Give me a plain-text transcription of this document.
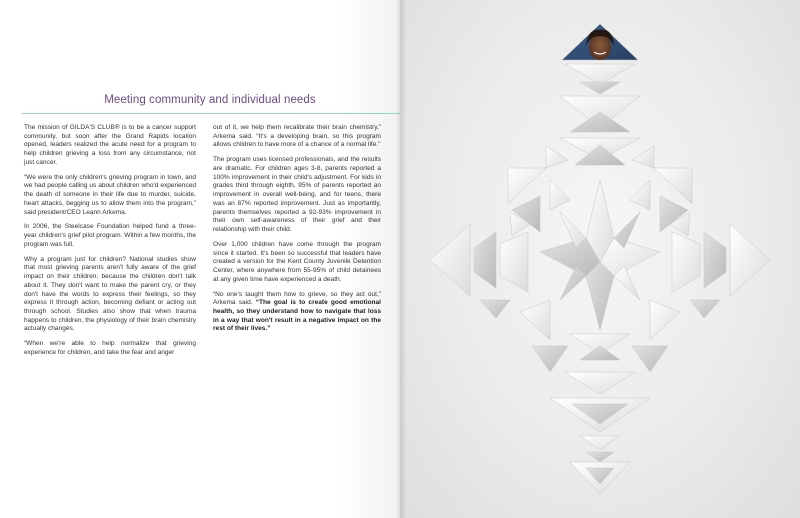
Meeting community and individual needs

The mission of GILDA'S CLUB® is to be a cancer support community, but soon after the Grand Rapids location opened, leaders realized the acute need for a program to help children grieving a loss from any circumstance, not just cancer.

“We were the only children's grieving program in town, and we had people calling us about children who'd experienced the death of someone in their life due to murder, suicide, heart attacks, begging us to allow them into the program,” said president/CEO Leann Arkema.

In 2006, the Steelcase Foundation helped fund a three-year children's grief pilot program. Within a few months, the program was full.

Why a program just for children? National studies show that most grieving parents aren't fully aware of the grief impact on their children, because the children don't talk about it. They don't want to make the parent cry, or they don't have the words to express their feelings, so they express it through action, becoming defiant or acting out through school. Studies also show that when trauma happens to children, the physiology of their brain chemistry actually changes.

“When we're able to help normalize that grieving experience for children, and take the fear and anger

out of it, we help them recalibrate their brain chemistry,” Arkema said. “It's a developing brain, so this program allows children to have more of a chance of a normal life.”

The program uses licensed professionals, and the results are dramatic. For children ages 3-8, parents reported a 100% improvement in their child's adjustment. For kids in grades third through eighth, 95% of parents reported an improvement in overall well-being, and for teens, there was an 87% reported improvement. Just as importantly, parents themselves reported a 92-93% improvement in their own self-awareness of their grief and their relationship with their child.

Over 1,000 children have come through the program since it started. It's been so successful that leaders have created a version for the Kent County Juvenile Detention Center, where anywhere from 55-95% of child detainees at any given time have experienced a death.

“No one's taught them how to grieve, so they act out,” Arkema said. “The goal is to create good emotional health, so they understand how to navigate that loss in a way that won't result in a negative impact on the rest of their lives.”
